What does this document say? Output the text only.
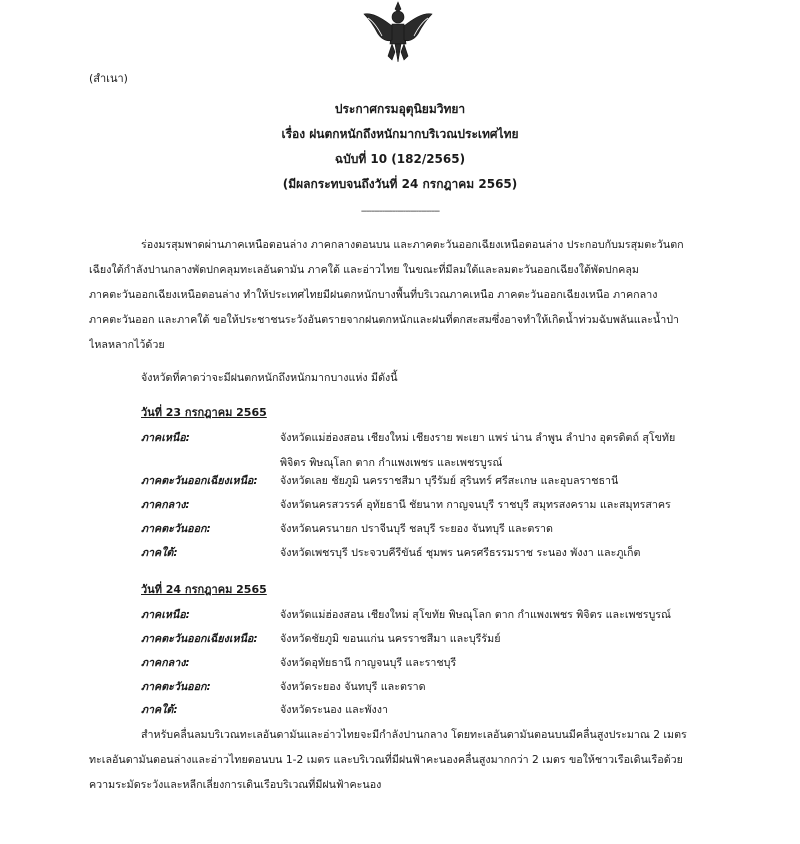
(สำเนา)
ประกาศกรมอุตุนิยมวิทยา
เรื่อง ฝนตกหนักถึงหนักมากบริเวณประเทศไทย
ฉบับที่ 10 (182/2565)
(มีผลกระทบจนถึงวันที่ 24 กรกฎาคม 2565)
------------------------------
ร่องมรสุมพาดผ่านภาคเหนือตอนล่าง ภาคกลางตอนบน และภาคตะวันออกเฉียงเหนือตอนล่าง ประกอบกับมรสุมตะวันตก
เฉียงใต้กำลังปานกลางพัดปกคลุมทะเลอันดามัน ภาคใต้ และอ่าวไทย ในขณะที่มีลมใต้และลมตะวันออกเฉียงใต้พัดปกคลุม
ภาคตะวันออกเฉียงเหนือตอนล่าง ทำให้ประเทศไทยมีฝนตกหนักบางพื้นที่บริเวณภาคเหนือ ภาคตะวันออกเฉียงเหนือ ภาคกลาง
ภาคตะวันออก และภาคใต้ ขอให้ประชาชนระวังอันตรายจากฝนตกหนักและฝนที่ตกสะสมซึ่งอาจทำให้เกิดน้ำท่วมฉับพลันและน้ำป่า
ไหลหลากไว้ด้วย
จังหวัดที่คาดว่าจะมีฝนตกหนักถึงหนักมากบางแห่ง มีดังนี้
วันที่ 23 กรกฎาคม 2565
ภาคเหนือ:	จังหวัดแม่ฮ่องสอน เชียงใหม่ เชียงราย พะเยา แพร่ น่าน ลำพูน ลำปาง อุตรดิตถ์ สุโขทัย
พิจิตร พิษณุโลก ตาก กำแพงเพชร และเพชรบูรณ์
ภาคตะวันออกเฉียงเหนือ: จังหวัดเลย ชัยภูมิ นครราชสีมา บุรีรัมย์ สุรินทร์ ศรีสะเกษ และอุบลราชธานี
ภาคกลาง:	จังหวัดนครสวรรค์ อุทัยธานี ชัยนาท กาญจนบุรี ราชบุรี สมุทรสงคราม และสมุทรสาคร
ภาคตะวันออก:	จังหวัดนครนายก ปราจีนบุรี ชลบุรี ระยอง จันทบุรี และตราด
ภาคใต้:	จังหวัดเพชรบุรี ประจวบคีรีขันธ์ ชุมพร นครศรีธรรมราช ระนอง พังงา และภูเก็ต
วันที่ 24 กรกฎาคม 2565
ภาคเหนือ:	จังหวัดแม่ฮ่องสอน เชียงใหม่ สุโขทัย พิษณุโลก ตาก กำแพงเพชร พิจิตร และเพชรบูรณ์
ภาคตะวันออกเฉียงเหนือ: จังหวัดชัยภูมิ ขอนแก่น นครราชสีมา และบุรีรัมย์
ภาคกลาง:	จังหวัดอุทัยธานี กาญจนบุรี และราชบุรี
ภาคตะวันออก:	จังหวัดระยอง จันทบุรี และตราด
ภาคใต้:	จังหวัดระนอง และพังงา
สำหรับคลื่นลมบริเวณทะเลอันดามันและอ่าวไทยจะมีกำลังปานกลาง โดยทะเลอันดามันตอนบนมีคลื่นสูงประมาณ 2 เมตร
ทะเลอันดามันตอนล่างและอ่าวไทยตอนบน 1-2 เมตร และบริเวณที่มีฝนฟ้าคะนองคลื่นสูงมากกว่า 2 เมตร ขอให้ชาวเรือเดินเรือด้วย
ความระมัดระวังและหลีกเลี่ยงการเดินเรือบริเวณที่มีฝนฟ้าคะนอง
